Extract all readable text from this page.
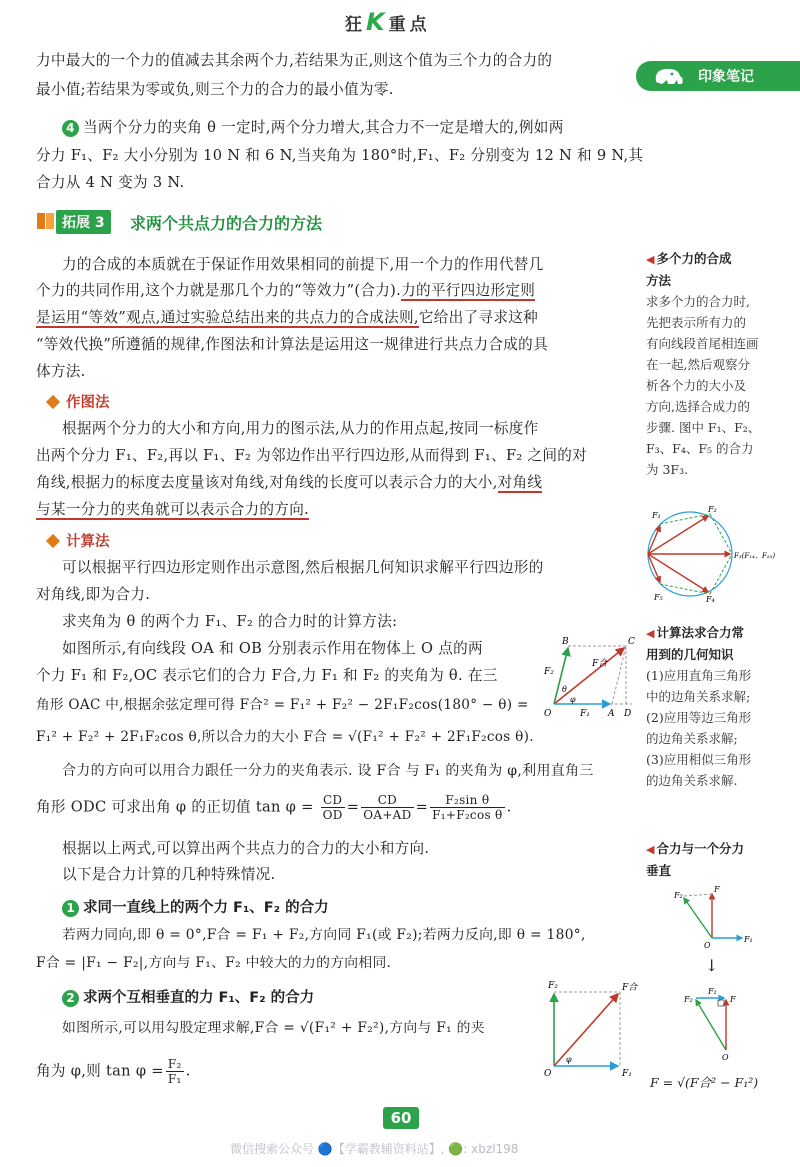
狂K重点
印象笔记
力中最大的一个力的值减去其余两个力,若结果为正,则这个值为三个力的合力的
最小值;若结果为零或负,则三个力的合力的最小值为零.
4 当两个分力的夹角 θ 一定时,两个分力增大,其合力不一定是增大的,例如两
分力 F₁、F₂ 大小分别为 10 N 和 6 N,当夹角为 180°时,F₁、F₂ 分别变为 12 N 和 9 N,其
合力从 4 N 变为 3 N.
拓展 3	求两个共点力的合力的方法
力的合成的本质就在于保证作用效果相同的前提下,用一个力的作用代替几
个力的共同作用,这个力就是那几个力的“等效力”(合力).力的平行四边形定则
是运用“等效”观点,通过实验总结出来的共点力的合成法则,它给出了寻求这种
“等效代换”所遵循的规律,作图法和计算法是运用这一规律进行共点力合成的具
体方法.
作图法
根据两个分力的大小和方向,用力的图示法,从力的作用点起,按同一标度作
出两个分力 F₁、F₂,再以 F₁、F₂ 为邻边作出平行四边形,从而得到 F₁、F₂ 之间的对
角线,根据力的标度去度量该对角线,对角线的长度可以表示合力的大小,对角线
与某一分力的夹角就可以表示合力的方向.
计算法
可以根据平行四边形定则作出示意图,然后根据几何知识求解平行四边形的
对角线,即为合力.
求夹角为 θ 的两个力 F₁、F₂ 的合力时的计算方法:
如图所示,有向线段 OA 和 OB 分别表示作用在物体上 O 点的两
个力 F₁ 和 F₂,OC 表示它们的合力 F合,力 F₁ 和 F₂ 的夹角为 θ. 在三
角形 OAC 中,根据余弦定理可得 F合² = F₁² + F₂² − 2F₁F₂cos(180° − θ) =
F₁² + F₂² + 2F₁F₂cos θ,所以合力的大小 F合 = √(F₁² + F₂² + 2F₁F₂cos θ).
合力的方向可以用合力跟任一分力的夹角表示. 设 F合 与 F₁ 的夹角为 φ,利用直角三
角形 ODC 可求出角 φ 的正切值 $\tan \varphi = \frac{CD}{OD} = \frac{CD}{OA+AD} = \frac{\text{F₂sin θ}}{\text{F₁+F₂cos θ}}$ .
根据以上两式,可以算出两个共点力的合力的大小和方向.
以下是合力计算的几种特殊情况.
1 求同一直线上的两个力 F₁、F₂ 的合力
若两力同向,即 θ = 0°,F合 = F₁ + F₂,方向同 F₁(或 F₂);若两力反向,即 θ = 180°,
F合 = |F₁ − F₂|,方向与 F₁、F₂ 中较大的力的方向相同.
2 求两个互相垂直的力 F₁、F₂ 的合力
如图所示,可以用勾股定理求解,F合 = √(F₁² + F₂²),方向与 F₁ 的夹
角为 φ,则 $\tan \varphi = \frac{\text{F₂}}{\text{F₁}}$ .
B	C
F₂
F合
θ
φ
O	F₁ A D
F₂	F合
φ
O	F₁
◀ 多个力的合成
方法
求多个力的合力时,
先把表示所有力的
有向线段首尾相连画
在一起,然后观察分
析各个力的大小及
方向,选择合成力的
步骤. 图中 F₁、F₂、
F₃、F₄、F₅ 的合力
为 3F₃.
F₁
F₂
F₃(F₁₄、F₂₅)
F₄
F₅
◀ 计算法求合力常
用到的几何知识
(1)应用直角三角形
中的边角关系求解;
(2)应用等边三角形
的边角关系求解;
(3)应用相似三角形
的边角关系求解.
◀ 合力与一个分力
垂直
F₂
F
O
F₁
↓
F₂
F₁
F
O
F = √(F合² − F₁²)
60
微信搜索公众号 🔵【学霸教辅资料站】, 🟢: xbzl198
